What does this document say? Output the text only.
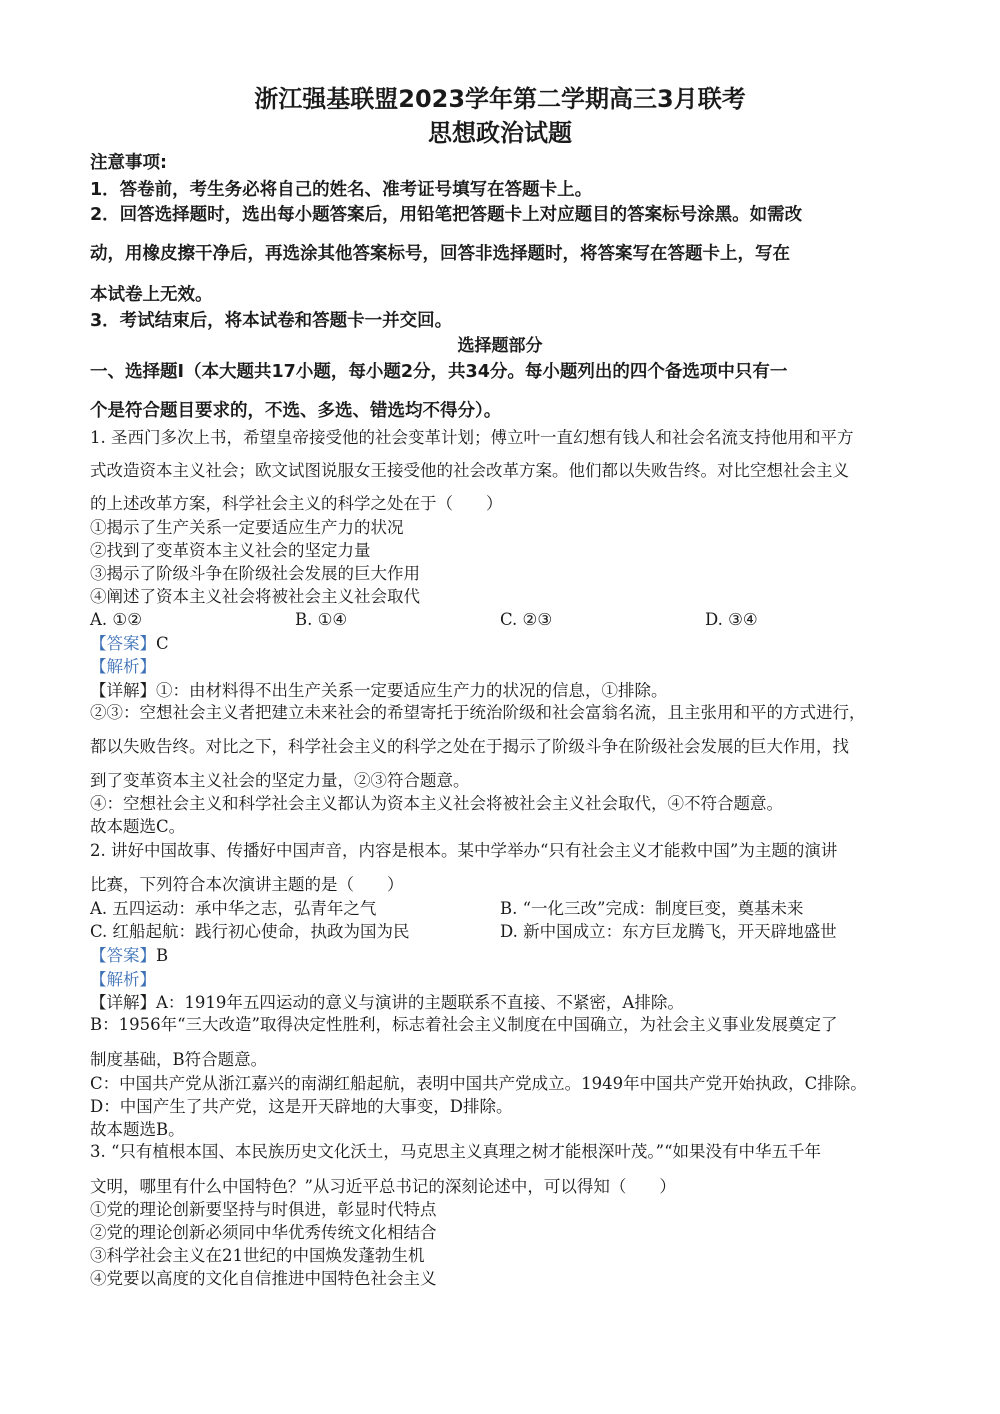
浙江强基联盟2023学年第二学期高三3月联考
思想政治试题
注意事项:
1．答卷前，考生务必将自己的姓名、准考证号填写在答题卡上。
2．回答选择题时，选出每小题答案后，用铅笔把答题卡上对应题目的答案标号涂黑。如需改
动，用橡皮擦干净后，再选涂其他答案标号，回答非选择题时，将答案写在答题卡上，写在
本试卷上无效。
3．考试结束后，将本试卷和答题卡一并交回。
选择题部分
一、选择题Ⅰ（本大题共17小题，每小题2分，共34分。每小题列出的四个备选项中只有一
个是符合题目要求的，不选、多选、错选均不得分）。
1. 圣西门多次上书，希望皇帝接受他的社会变革计划；傅立叶一直幻想有钱人和社会名流支持他用和平方
式改造资本主义社会；欧文试图说服女王接受他的社会改革方案。他们都以失败告终。对比空想社会主义
的上述改革方案，科学社会主义的科学之处在于（　　）
①揭示了生产关系一定要适应生产力的状况
②找到了变革资本主义社会的坚定力量
③揭示了阶级斗争在阶级社会发展的巨大作用
④阐述了资本主义社会将被社会主义社会取代
A. ①②	B. ①④	C. ②③	D. ③④
【答案】C
【解析】
【详解】①：由材料得不出生产关系一定要适应生产力的状况的信息，①排除。
②③：空想社会主义者把建立未来社会的希望寄托于统治阶级和社会富翁名流，且主张用和平的方式进行，
都以失败告终。对比之下，科学社会主义的科学之处在于揭示了阶级斗争在阶级社会发展的巨大作用，找
到了变革资本主义社会的坚定力量，②③符合题意。
④：空想社会主义和科学社会主义都认为资本主义社会将被社会主义社会取代，④不符合题意。
故本题选C。
2. 讲好中国故事、传播好中国声音，内容是根本。某中学举办“只有社会主义才能救中国”为主题的演讲
比赛，下列符合本次演讲主题的是（　　）
A. 五四运动：承中华之志，弘青年之气	B. “一化三改”完成：制度巨变，奠基未来
C. 红船起航：践行初心使命，执政为国为民	D. 新中国成立：东方巨龙腾飞，开天辟地盛世
【答案】B
【解析】
【详解】A：1919年五四运动的意义与演讲的主题联系不直接、不紧密，A排除。
B：1956年“三大改造”取得决定性胜利，标志着社会主义制度在中国确立，为社会主义事业发展奠定了
制度基础，B符合题意。
C：中国共产党从浙江嘉兴的南湖红船起航，表明中国共产党成立。1949年中国共产党开始执政，C排除。
D：中国产生了共产党，这是开天辟地的大事变，D排除。
故本题选B。
3. “只有植根本国、本民族历史文化沃土，马克思主义真理之树才能根深叶茂。”“如果没有中华五千年
文明，哪里有什么中国特色？”从习近平总书记的深刻论述中，可以得知（　　）
①党的理论创新要坚持与时俱进，彰显时代特点
②党的理论创新必须同中华优秀传统文化相结合
③科学社会主义在21世纪的中国焕发蓬勃生机
④党要以高度的文化自信推进中国特色社会主义
